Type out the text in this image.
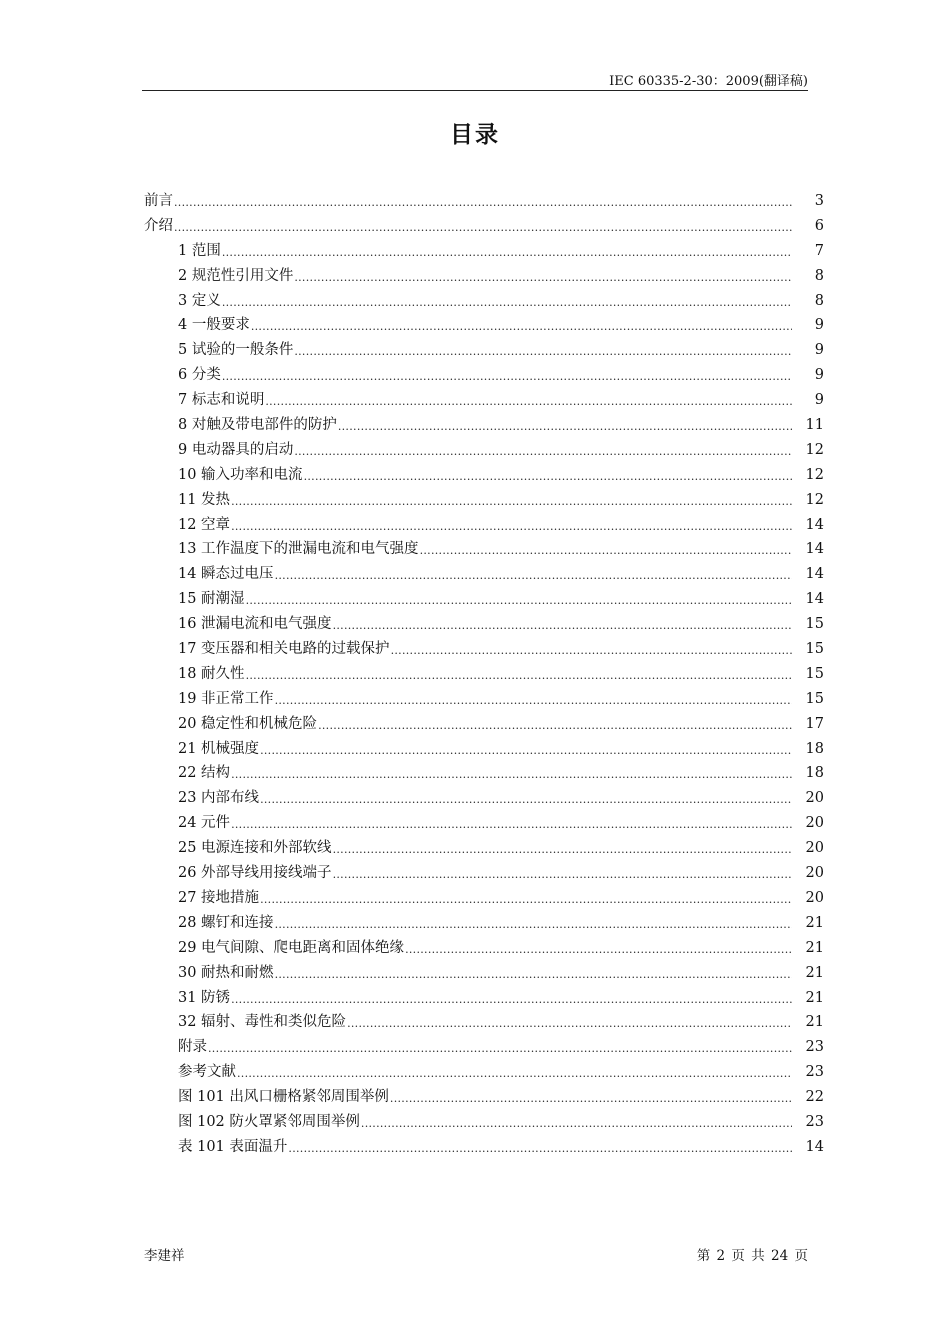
IEC 60335-2-30：2009(翻译稿)
目录
前言 .....	3
介绍 .....	6
1 范围 .....	7
2 规范性引用文件 .....	8
3 定义 .....	8
4 一般要求 .....	9
5 试验的一般条件 .....	9
6 分类 .....	9
7 标志和说明 .....	9
8 对触及带电部件的防护 .....	11
9 电动器具的启动 .....	12
10 输入功率和电流 .....	12
11 发热 .....	12
12 空章 .....	14
13 工作温度下的泄漏电流和电气强度 .....	14
14 瞬态过电压 .....	14
15 耐潮湿 .....	14
16 泄漏电流和电气强度 .....	15
17 变压器和相关电路的过载保护 .....	15
18 耐久性 .....	15
19 非正常工作 .....	15
20 稳定性和机械危险 .....	17
21 机械强度 .....	18
22 结构 .....	18
23 内部布线 .....	20
24 元件 .....	20
25 电源连接和外部软线 .....	20
26 外部导线用接线端子 .....	20
27 接地措施 .....	20
28 螺钉和连接 .....	21
29 电气间隙、爬电距离和固体绝缘 .....	21
30 耐热和耐燃 .....	21
31 防锈 .....	21
32 辐射、毒性和类似危险 .....	21
附录 .....	23
参考文献 .....	23
图 101 出风口栅格紧邻周围举例 .....	22
图 102 防火罩紧邻周围举例 .....	23
表 101 表面温升 .....	14
李建祥	第 2 页 共 24 页
